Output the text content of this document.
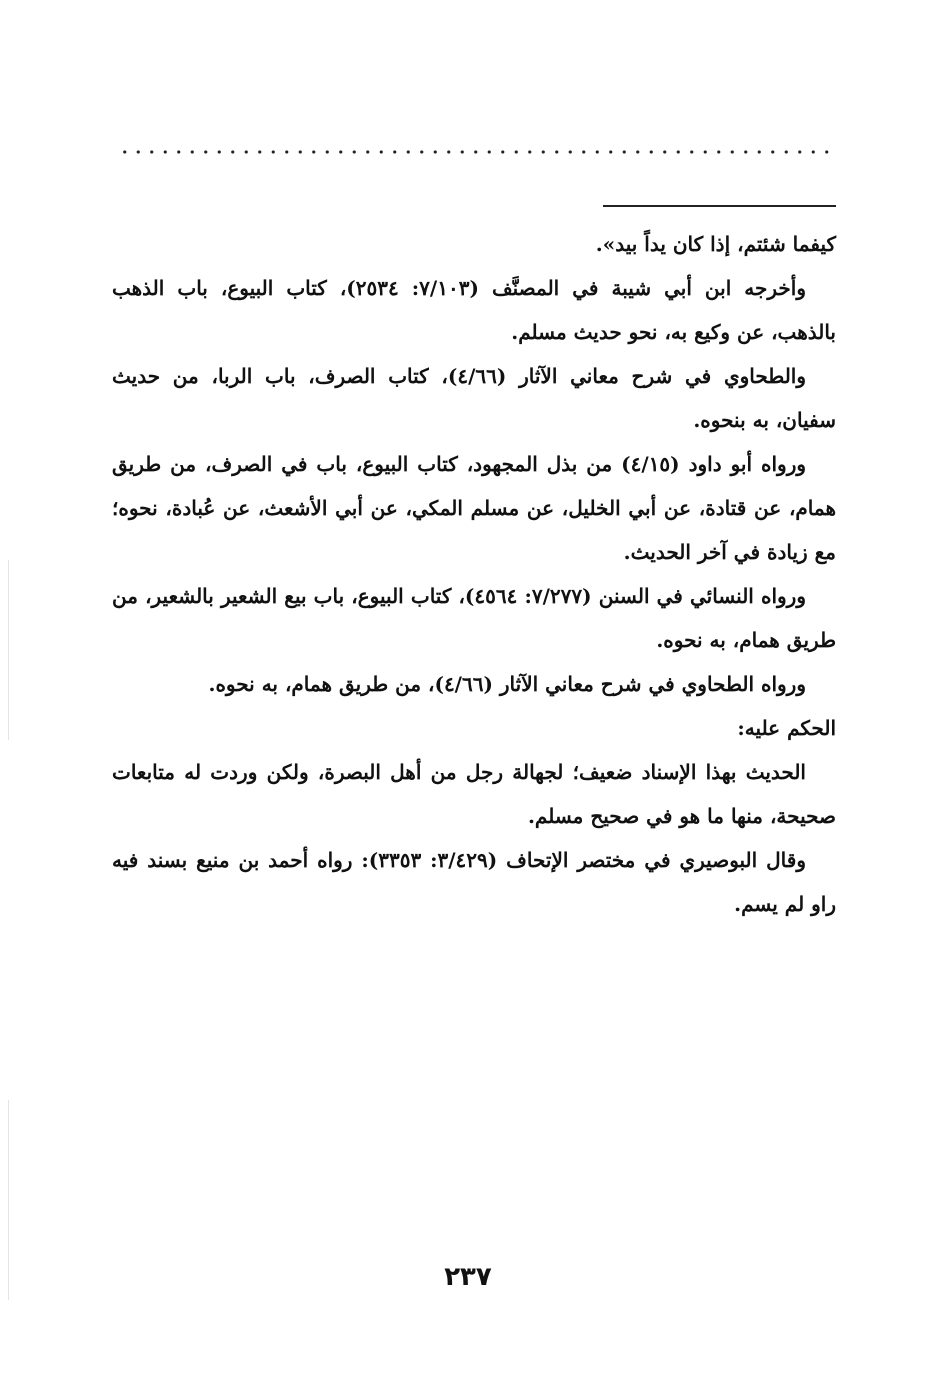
كيفما شئتم، إذا كان يداً بيد».

وأخرجه ابن أبي شيبة في المصنَّف (٧/١٠٣: ٢٥٣٤)، كتاب البيوع، باب الذهب بالذهب، عن وكيع به، نحو حديث مسلم.

والطحاوي في شرح معاني الآثار (٤/٦٦)، كتاب الصرف، باب الربا، من حديث سفيان، به بنحوه.

ورواه أبو داود (٤/١٥) من بذل المجهود، كتاب البيوع، باب في الصرف، من طريق همام، عن قتادة، عن أبي الخليل، عن مسلم المكي، عن أبي الأشعث، عن عُبادة، نحوه؛ مع زيادة في آخر الحديث.

ورواه النسائي في السنن (٧/٢٧٧: ٤٥٦٤)، كتاب البيوع، باب بيع الشعير بالشعير، من طريق همام، به نحوه.

ورواه الطحاوي في شرح معاني الآثار (٤/٦٦)، من طريق همام، به نحوه.

الحكم عليه:

الحديث بهذا الإسناد ضعيف؛ لجهالة رجل من أهل البصرة، ولكن وردت له متابعات صحيحة، منها ما هو في صحيح مسلم.

وقال البوصيري في مختصر الإتحاف (٣/٤٢٩: ٣٣٥٣): رواه أحمد بن منيع بسند فيه راو لم يسم.

٢٣٧
